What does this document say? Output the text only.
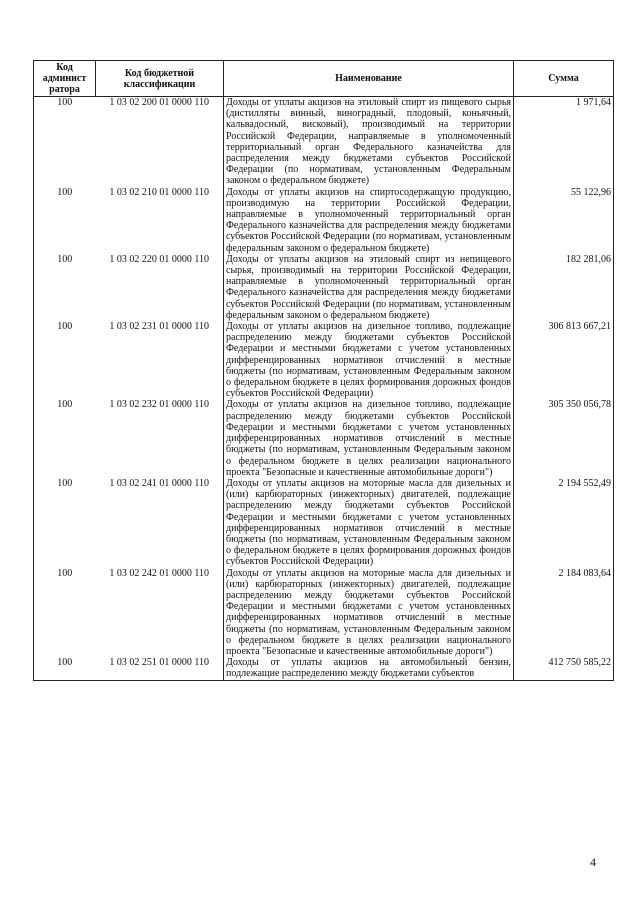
Код админист ратора	Код бюджетной классификации	Наименование	Сумма
100	1 03 02 200 01 0000 110	Доходы от уплаты акцизов на этиловый спирт из пищевого сырья (дистилляты винный, виноградный, плодовый, коньячный, кальвадосный, висковый), производимый на территории Российской Федерации, направляемые в уполномоченный территориальный орган Федерального казначейства для распределения между бюджетами субъектов Российской Федерации (по нормативам, установленным Федеральным законом о федеральном бюджете)	1 971,64
100	1 03 02 210 01 0000 110	Доходы от уплаты акцизов на спиртосодержащую продукцию, производимую на территории Российской Федерации, направляемые в уполномоченный территориальный орган Федерального казначейства для распределения между бюджетами субъектов Российской Федерации (по нормативам, установленным федеральным законом о федеральном бюджете)	55 122,96
100	1 03 02 220 01 0000 110	Доходы от уплаты акцизов на этиловый спирт из непищевого сырья, производимый на территории Российской Федерации, направляемые в уполномоченный территориальный орган Федерального казначейства для распределения между бюджетами субъектов Российской Федерации (по нормативам, установленным федеральным законом о федеральном бюджете)	182 281,06
100	1 03 02 231 01 0000 110	Доходы от уплаты акцизов на дизельное топливо, подлежащие распределению между бюджетами субъектов Российской Федерации и местными бюджетами с учетом установленных дифференцированных нормативов отчислений в местные бюджеты (по нормативам, установленным Федеральным законом о федеральном бюджете в целях формирования дорожных фондов субъектов Российской Федерации)	306 813 667,21
100	1 03 02 232 01 0000 110	Доходы от уплаты акцизов на дизельное топливо, подлежащие распределению между бюджетами субъектов Российской Федерации и местными бюджетами с учетом установленных дифференцированных нормативов отчислений в местные бюджеты (по нормативам, установленным Федеральным законом о федеральном бюджете в целях реализации национального проекта "Безопасные и качественные автомобильные дороги")	305 350 056,78
100	1 03 02 241 01 0000 110	Доходы от уплаты акцизов на моторные масла для дизельных и (или) карбюраторных (инжекторных) двигателей, подлежащие распределению между бюджетами субъектов Российской Федерации и местными бюджетами с учетом установленных дифференцированных нормативов отчислений в местные бюджеты (по нормативам, установленным Федеральным законом о федеральном бюджете в целях формирования дорожных фондов субъектов Российской Федерации)	2 194 552,49
100	1 03 02 242 01 0000 110	Доходы от уплаты акцизов на моторные масла для дизельных и (или) карбюраторных (инжекторных) двигателей, подлежащие распределению между бюджетами субъектов Российской Федерации и местными бюджетами с учетом установленных дифференцированных нормативов отчислений в местные бюджеты (по нормативам, установленным Федеральным законом о федеральном бюджете в целях реализации национального проекта "Безопасные и качественные автомобильные дороги")	2 184 083,64
100	1 03 02 251 01 0000 110	Доходы от уплаты акцизов на автомобильный бензин, подлежащие распределению между бюджетами субъектов	412 750 585,22
4
